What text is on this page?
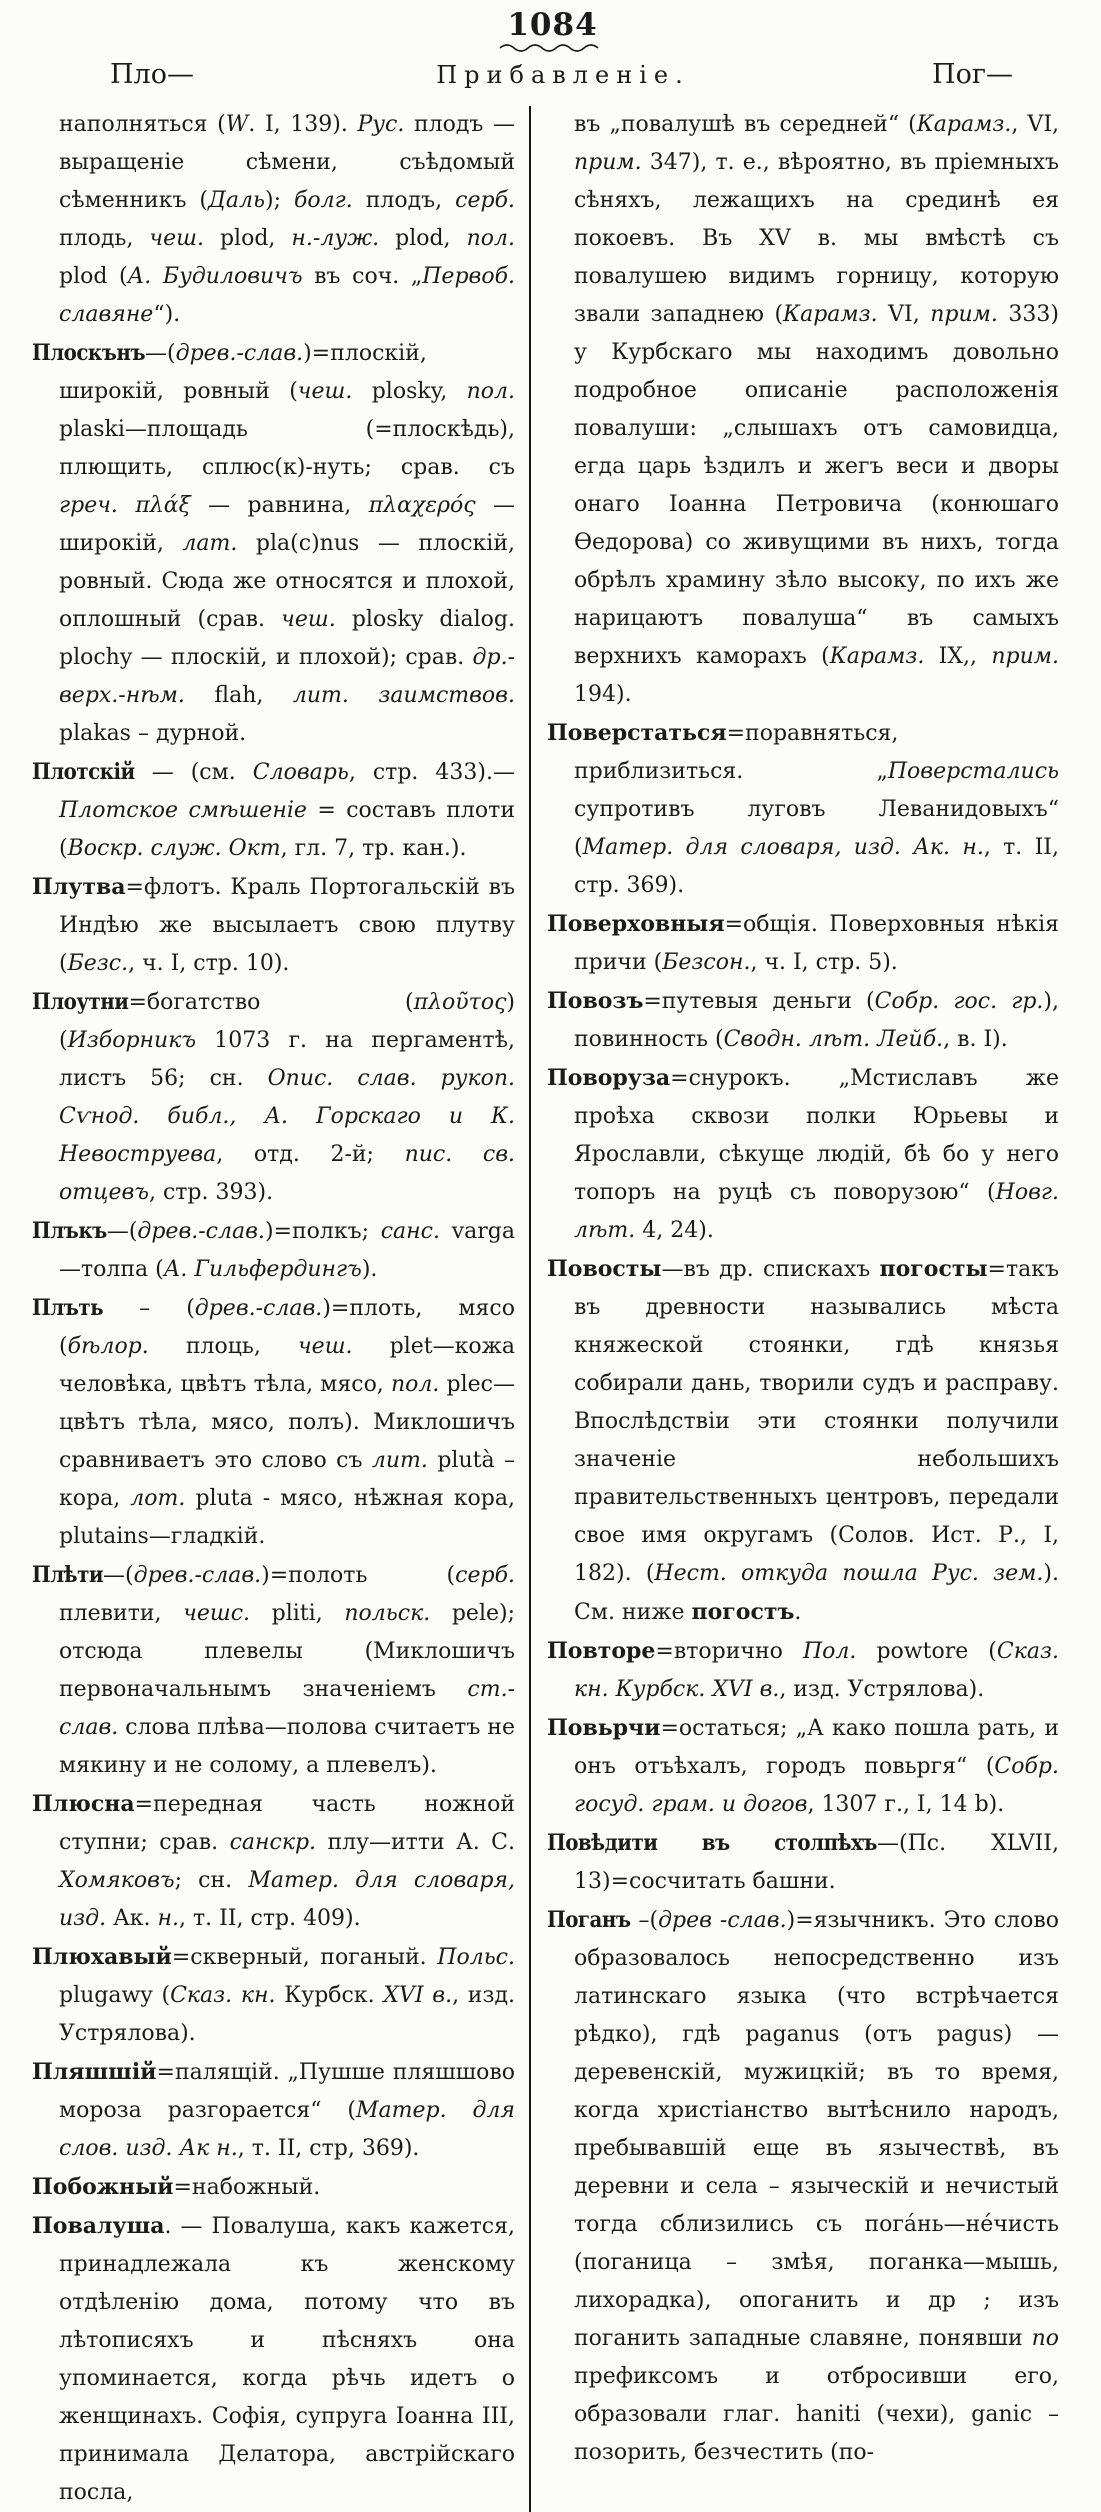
1084
Пло—	Прибавленіе.	Пог—

наполняться (W. I, 139). Рус. плодъ — выращеніе сѣмени, съѣдомый сѣменникъ (Даль); болг. плодъ, серб. плодь, чеш. plod, н.-луж. plod, пол. plod (А. Будиловичъ въ соч. „Первоб. славяне“).

Плоскънъ—(древ.-слав.)=плоскій, широкій, ровный (чеш. plosky, пол. plaski—площадь (=плоскѣдь), плющить, сплюс(к)-нуть; срав. съ греч. πλάξ — равнина, πλαχερός — широкій, лат. pla(c)nus — плоскій, ровный. Сюда же относятся и плохой, оплошный (срав. чеш. plosky dialog. plochy — плоскій, и плохой); срав. др.-верх.-нѣм. flah, лит. заимствов. plakas – дурной.

Плотскій — (см. Словарь, стр. 433).— Плотское смѣшеніе = составъ плоти (Воскр. служ. Окт, гл. 7, тр. кан.).

Плутва=флотъ. Краль Портогальскій въ Индѣю же высылаетъ свою плутву (Безс., ч. I, стр. 10).

Плоутни=богатство (πλοῦτος) (Изборникъ 1073 г. на пергаментѣ, листъ 56; сн. Опис. слав. рукоп. Сѵнод. библ., А. Горскаго и К. Невоструева, отд. 2-й; пис. св. отцевъ, стр. 393).

Плъкъ—(древ.-слав.)=полкъ; санс. varga—толпа (А. Гильфердингъ).

Плъть – (древ.-слав.)=плоть, мясо (бѣлор. плоць, чеш. plet—кожа человѣка, цвѣтъ тѣла, мясо, пол. plec—цвѣтъ тѣла, мясо, полъ). Миклошичъ сравниваетъ это слово съ лит. plutà – кора, лот. pluta - мясо, нѣжная кора, plutains—гладкій.

Плѣти—(древ.-слав.)=полоть (серб. плевити, чешс. pliti, польск. pele); отсюда плевелы (Миклошичъ первоначальнымъ значеніемъ ст.-слав. слова плѣва—полова считаетъ не мякину и не солому, а плевелъ).

Плюсна=передная часть ножной ступни; срав. санскр. плу—итти А. С. Хомяковъ; сн. Матер. для словаря, изд. Ак. н., т. II, стр. 409).

Плюхавый=скверный, поганый. Польс. plugawy (Сказ. кн. Курбск. XVI в., изд. Устрялова).

Пляшшій=палящій. „Пушше пляшшово мороза разгорается“ (Матер. для слов. изд. Ак н., т. II, стр, 369).

Побожный=набожный.

Повалуша. — Повалуша, какъ кажется, принадлежала къ женскому отдѣленію дома, потому что въ лѣтописяхъ и пѣсняхъ она упоминается, когда рѣчь идетъ о женщинахъ. Софія, супруга Іоанна III, принимала Делатора, австрійскаго посла,

въ „повалушѣ въ середней“ (Карамз., VI, прим. 347), т. е., вѣроятно, въ пріемныхъ сѣняхъ, лежащихъ на срединѣ ея покоевъ. Въ XV в. мы вмѣстѣ съ повалушею видимъ горницу, которую звали западнею (Карамз. VI, прим. 333) у Курбскаго мы находимъ довольно подробное описаніе расположенія повалуши: „слышахъ отъ самовидца, егда царь ѣздилъ и жегъ веси и дворы онаго Іоанна Петровича (конюшаго Ѳедорова) со живущими въ нихъ, тогда обрѣлъ храмину зѣло высоку, по ихъ же нарицаютъ повалуша“ въ самыхъ верхнихъ каморахъ (Карамз. IX,, прим. 194).

Поверстаться=поравняться, приблизиться. „Поверстались супротивъ луговъ Леванидовыхъ“ (Матер. для словаря, изд. Ак. н., т. II, стр. 369).

Поверховныя=общія. Поверховныя нѣкія причи (Безсон., ч. I, стр. 5).

Повозъ=путевыя деньги (Собр. гос. гр.), повинность (Сводн. лѣт. Лейб., в. I).

Поворуза=снурокъ. „Мстиславъ же проѣха сквози полки Юрьевы и Ярославли, сѣкуще людій, бѣ бо у него топоръ на руцѣ съ поворузою“ (Новг. лѣт. 4, 24).

Повосты—въ др. спискахъ погосты=такъ въ древности назывались мѣста княжеской стоянки, гдѣ князья собирали дань, творили судъ и расправу. Впослѣдствіи эти стоянки получили значеніе небольшихъ правительственныхъ центровъ, передали свое имя округамъ (Солов. Ист. Р., I, 182). (Нест. откуда пошла Рус. зем.). См. ниже погостъ.

Повторе=вторично Пол. powtore (Сказ. кн. Курбск. XVI в., изд. Устрялова).

Повьрчи=остаться; „А како пошла рать, и онъ отъѣхалъ, городъ повьргя“ (Собр. госуд. грам. и догов, 1307 г., I, 14 b).

Повѣдити въ столпѣхъ—(Пс. XLVII, 13)=сосчитать башни.

Поганъ –(древ -слав.)=язычникъ. Это слово образовалось непосредственно изъ латинскаго языка (что встрѣчается рѣдко), гдѣ paganus (отъ pagus) — деревенскій, мужицкій; въ то время, когда христіанство вытѣснило народъ, пребывавшій еще въ язычествѣ, въ деревни и села – языческій и нечистый тогда сблизились съ пога́нь—не́чисть (поганица – змѣя, поганка—мышь, лихорадка), опоганить и др ; изъ поганить западные славяне, понявши по префиксомъ и отбросивши его, образовали глаг. haniti (чехи), ganic – позорить, безчестить (по-
